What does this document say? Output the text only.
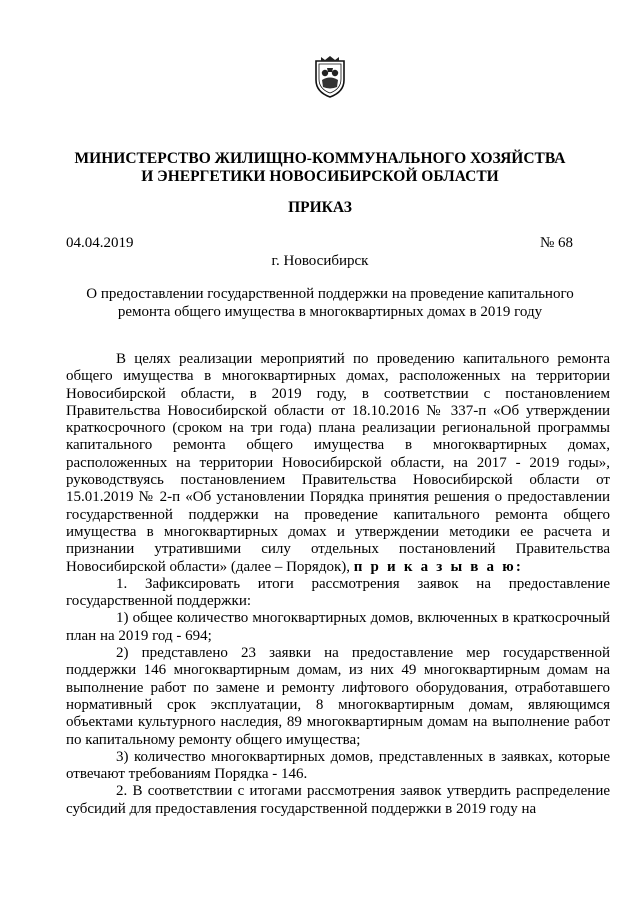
МИНИСТЕРСТВО ЖИЛИЩНО-КОММУНАЛЬНОГО ХОЗЯЙСТВА
И ЭНЕРГЕТИКИ НОВОСИБИРСКОЙ ОБЛАСТИ
ПРИКАЗ
04.04.2019	№ 68
г. Новосибирск
О предоставлении государственной поддержки на проведение капитального ремонта общего имущества в многоквартирных домах в 2019 году

В целях реализации мероприятий по проведению капитального ремонта общего имущества в многоквартирных домах, расположенных на территории Новосибирской области, в 2019 году, в соответствии с постановлением Правительства Новосибирской области от 18.10.2016 № 337-п «Об утверждении краткосрочного (сроком на три года) плана реализации региональной программы капитального ремонта общего имущества в многоквартирных домах, расположенных на территории Новосибирской области, на 2017 - 2019 годы», руководствуясь постановлением Правительства Новосибирской области от 15.01.2019 № 2-п «Об установлении Порядка принятия решения о предоставлении государственной поддержки на проведение капитального ремонта общего имущества в многоквартирных домах и утверждении методики ее расчета и признании утратившими силу отдельных постановлений Правительства Новосибирской области» (далее – Порядок), п р и к а з ы в а ю:

1. Зафиксировать итоги рассмотрения заявок на предоставление государственной поддержки:

1) общее количество многоквартирных домов, включенных в краткосрочный план на 2019 год - 694;

2) представлено 23 заявки на предоставление мер государственной поддержки 146 многоквартирным домам, из них 49 многоквартирным домам на выполнение работ по замене и ремонту лифтового оборудования, отработавшего нормативный срок эксплуатации, 8 многоквартирным домам, являющимся объектами культурного наследия, 89 многоквартирным домам на выполнение работ по капитальному ремонту общего имущества;

3) количество многоквартирных домов, представленных в заявках, которые отвечают требованиям Порядка - 146.

2. В соответствии с итогами рассмотрения заявок утвердить распределение субсидий для предоставления государственной поддержки в 2019 году на
